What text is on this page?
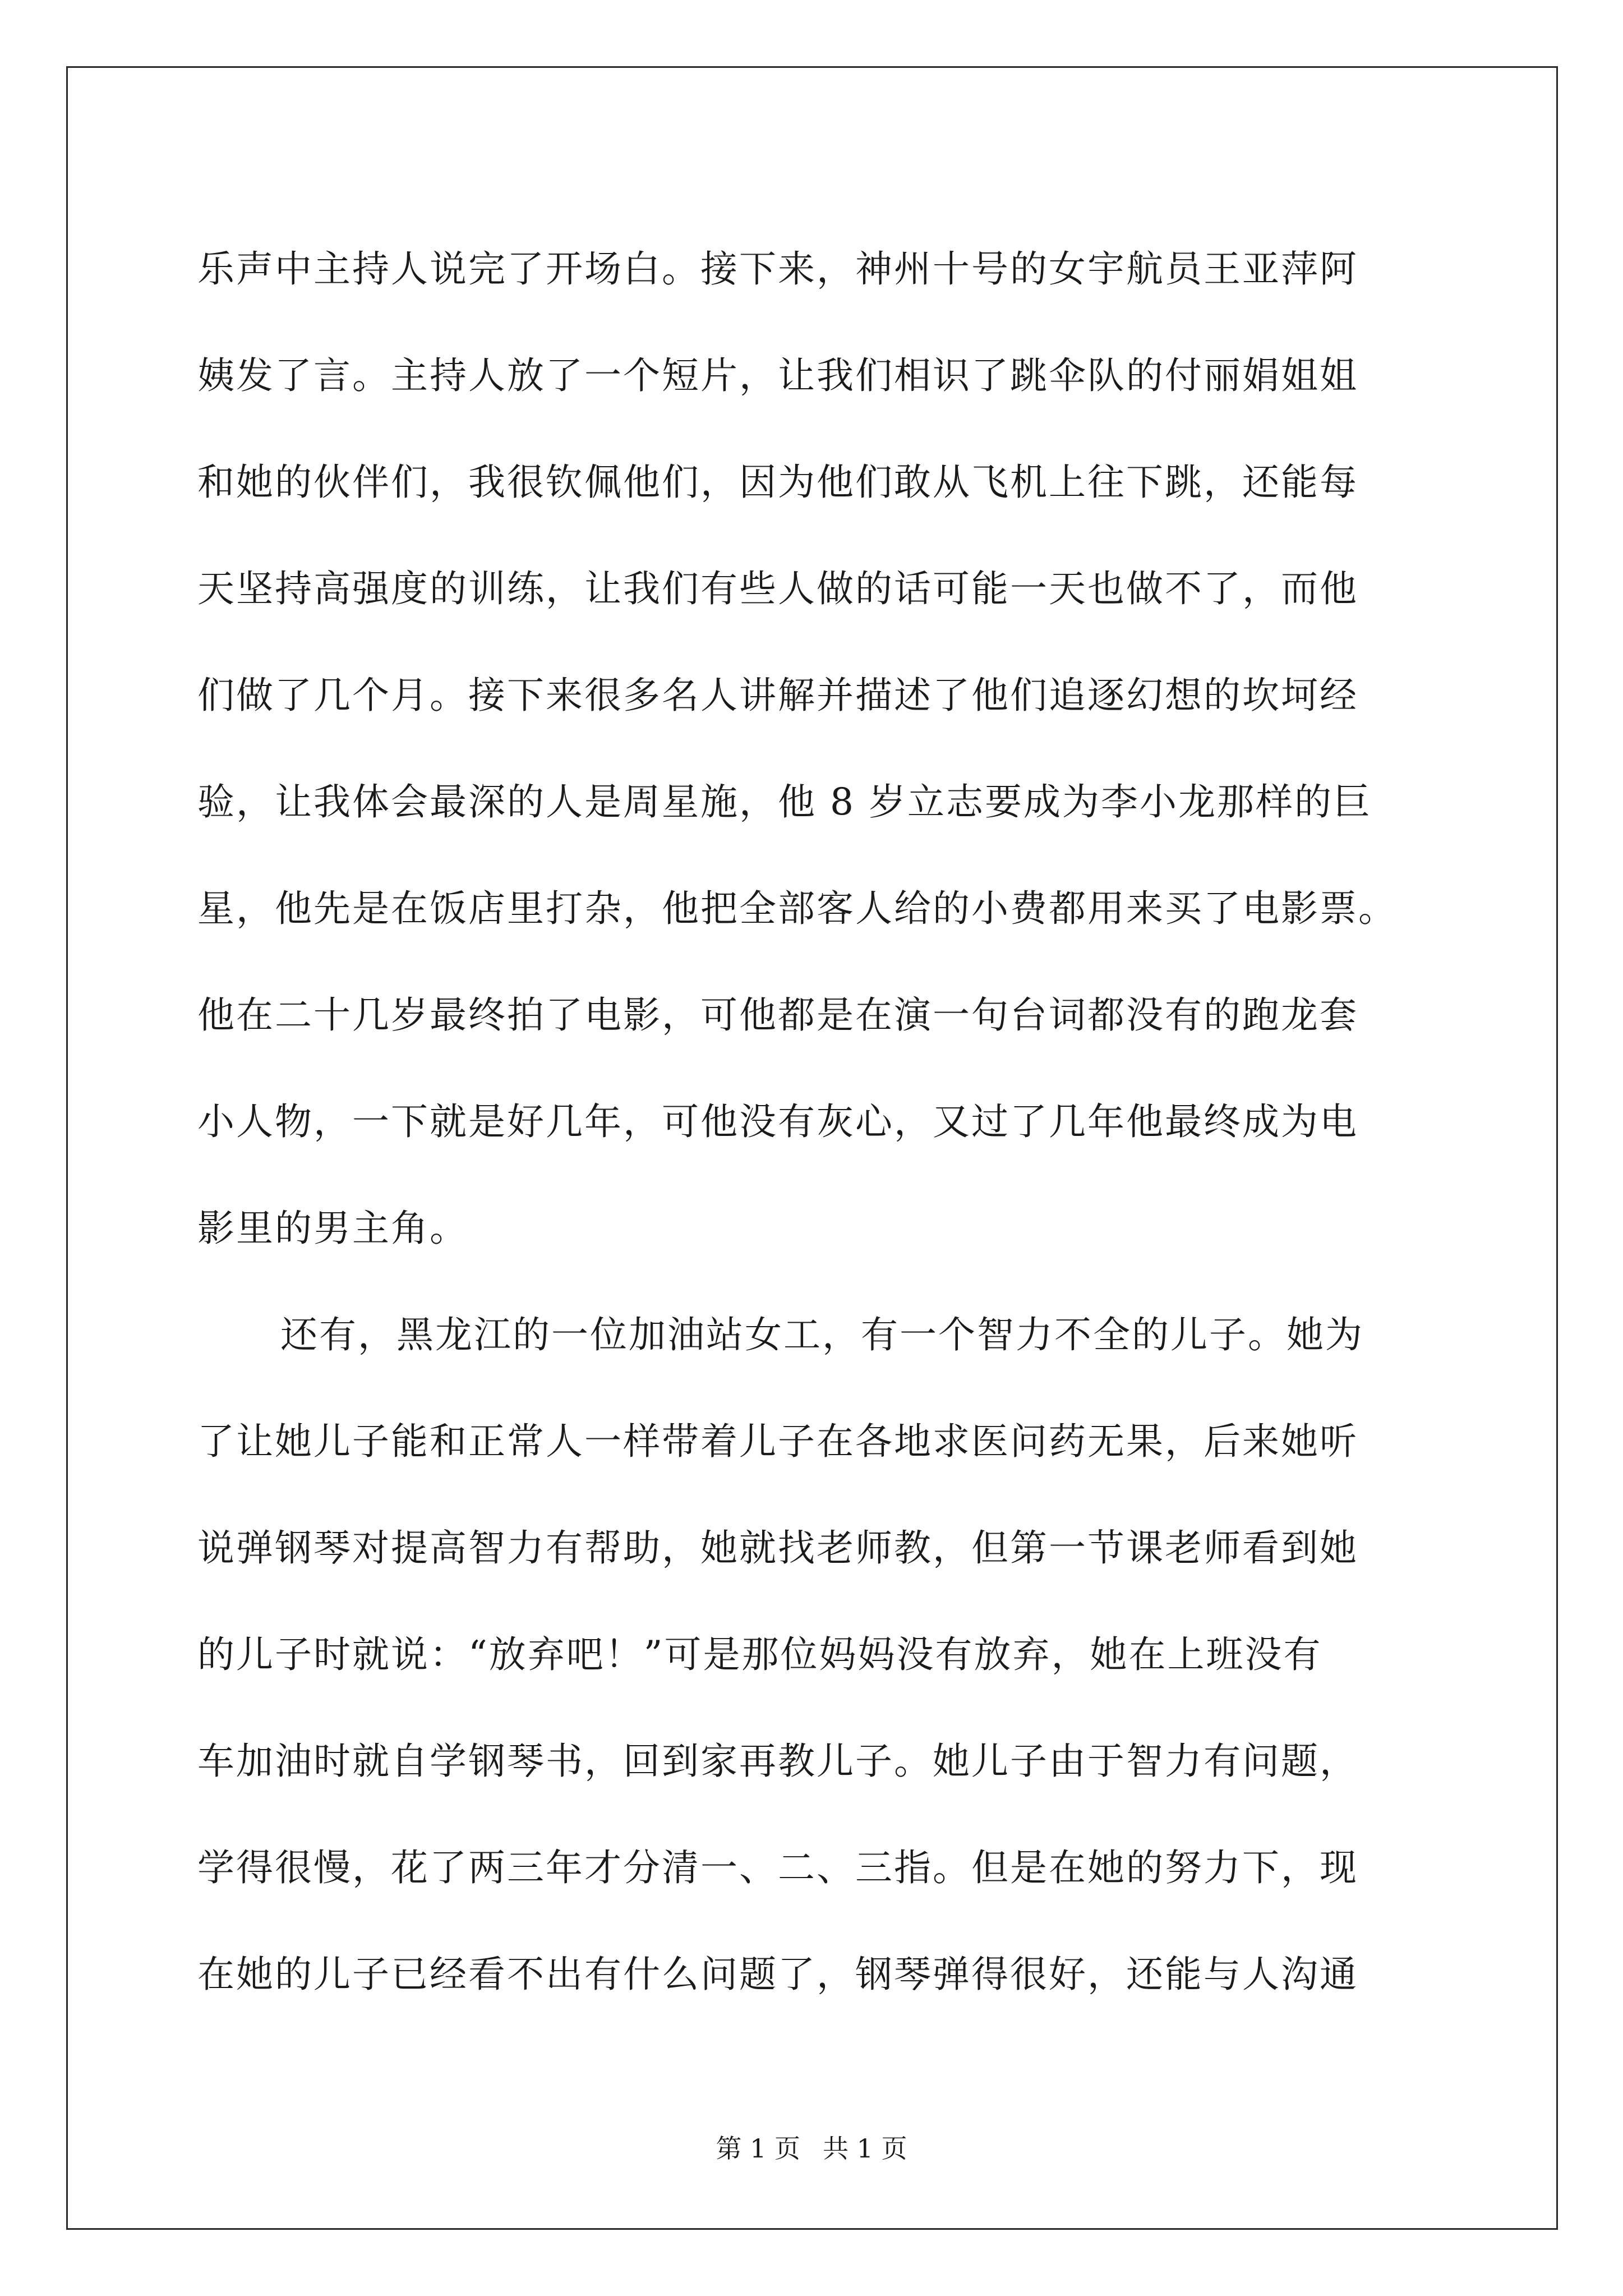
乐声中主持人说完了开场白。接下来，神州十号的女宇航员王亚萍阿
姨发了言。主持人放了一个短片，让我们相识了跳伞队的付丽娟姐姐
和她的伙伴们，我很钦佩他们，因为他们敢从飞机上往下跳，还能每
天坚持高强度的训练，让我们有些人做的话可能一天也做不了，而他
们做了几个月。接下来很多名人讲解并描述了他们追逐幻想的坎坷经
验，让我体会最深的人是周星施，他 8 岁立志要成为李小龙那样的巨
星，他先是在饭店里打杂，他把全部客人给的小费都用来买了电影票。
他在二十几岁最终拍了电影，可他都是在演一句台词都没有的跑龙套
小人物，一下就是好几年，可他没有灰心，又过了几年他最终成为电
影里的男主角。
还有，黑龙江的一位加油站女工，有一个智力不全的儿子。她为
了让她儿子能和正常人一样带着儿子在各地求医问药无果，后来她听
说弹钢琴对提高智力有帮助，她就找老师教，但第一节课老师看到她
的儿子时就说：“放弃吧！”可是那位妈妈没有放弃，她在上班没有
车加油时就自学钢琴书，回到家再教儿子。她儿子由于智力有问题，
学得很慢，花了两三年才分清一、二、三指。但是在她的努力下，现
在她的儿子已经看不出有什么问题了，钢琴弹得很好，还能与人沟通
第 1 页 共 1 页
